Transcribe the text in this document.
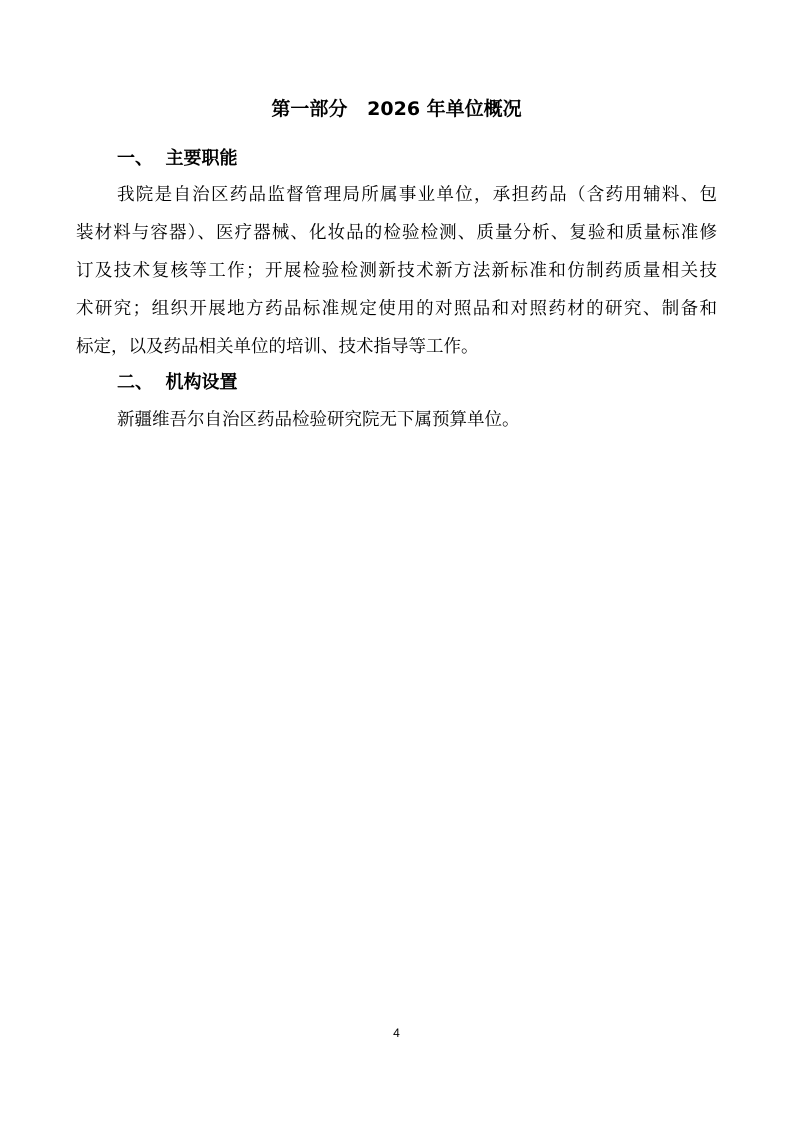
第一部分   2026 年单位概况
一、  主要职能
我院是自治区药品监督管理局所属事业单位，承担药品（含药用辅料、包
装材料与容器）、医疗器械、化妆品的检验检测、质量分析、复验和质量标准修
订及技术复核等工作；开展检验检测新技术新方法新标准和仿制药质量相关技
术研究；组织开展地方药品标准规定使用的对照品和对照药材的研究、制备和
标定，以及药品相关单位的培训、技术指导等工作。
二、  机构设置
新疆维吾尔自治区药品检验研究院无下属预算单位。
4
